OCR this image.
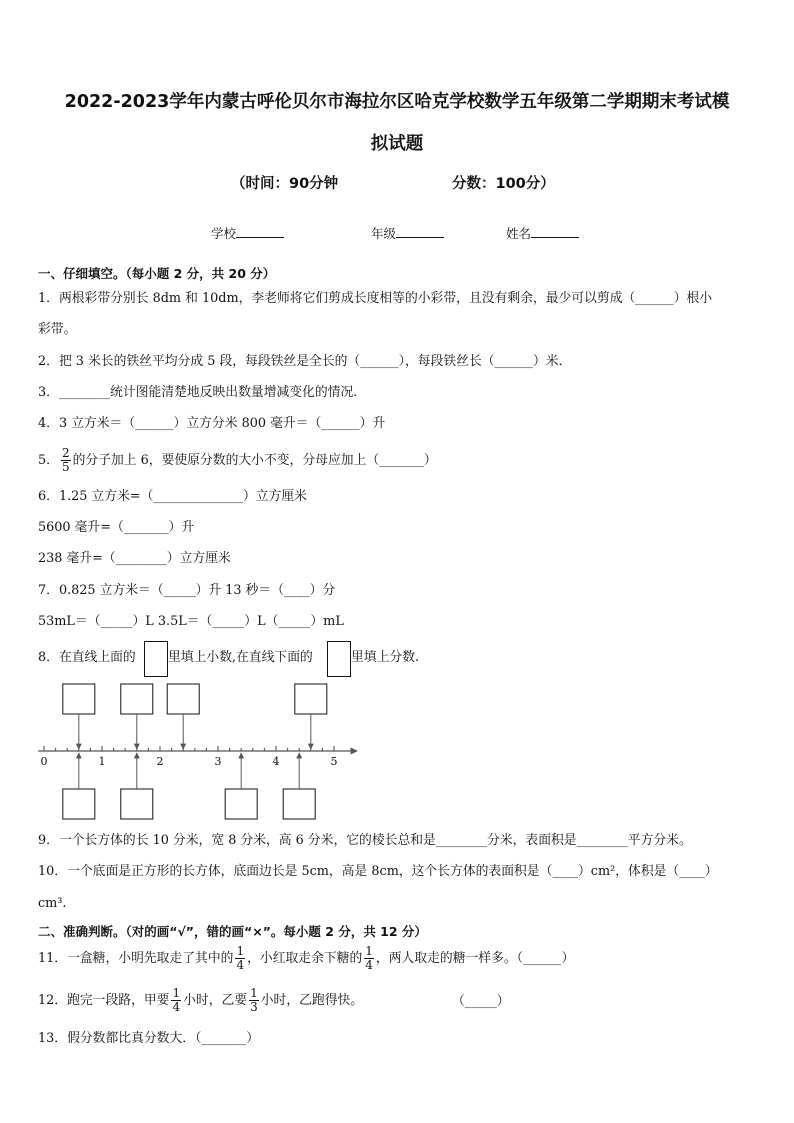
2022-2023学年内蒙古呼伦贝尔市海拉尔区哈克学校数学五年级第二学期期末考试模
拟试题
（时间：90分钟	分数：100分）
学校	年级	姓名
一、仔细填空。（每小题 2 分，共 20 分）
1．两根彩带分别长 8dm 和 10dm，李老师将它们剪成长度相等的小彩带，且没有剩余，最少可以剪成（______）根小
彩带。
2．把 3 米长的铁丝平均分成 5 段，每段铁丝是全长的（______），每段铁丝长（______）米．
3．________统计图能清楚地反映出数量增减变化的情况．
4．3 立方米＝（______）立方分米 800 毫升＝（______）升
5． $\frac{2}{5}$ 的分子加上 6，要使原分数的大小不变，分母应加上（_______）
6．1.25 立方米=（______________）立方厘米
5600 毫升=（_______）升
238 毫升=（________）立方厘米
7．0.825 立方米＝（_____）升 13 秒＝（____）分
53mL＝（_____）L 3.5L＝（_____）L（_____）mL
8．在直线上面的	里填上小数,在直线下面的	里填上分数.
0	1	2	3	4	5
9．一个长方体的长 10 分米，宽 8 分米，高 6 分米，它的棱长总和是________分米，表面积是________平方分米。
10．一个底面是正方形的长方体，底面边长是 5cm，高是 8cm，这个长方体的表面积是（____）cm²，体积是（____）
cm³.
二、准确判断。（对的画“√”，错的画“×”。每小题 2 分，共 12 分）
11．一盒糖，小明先取走了其中的 $\frac{1}{4}$ ，小红取走余下糖的 $\frac{1}{4}$ ，两人取走的糖一样多。（______）
12．跑完一段路，甲要 $\frac{1}{4}$ 小时，乙要 $\frac{1}{3}$ 小时，乙跑得快。	（_____）
13．假分数都比真分数大．（_______）
